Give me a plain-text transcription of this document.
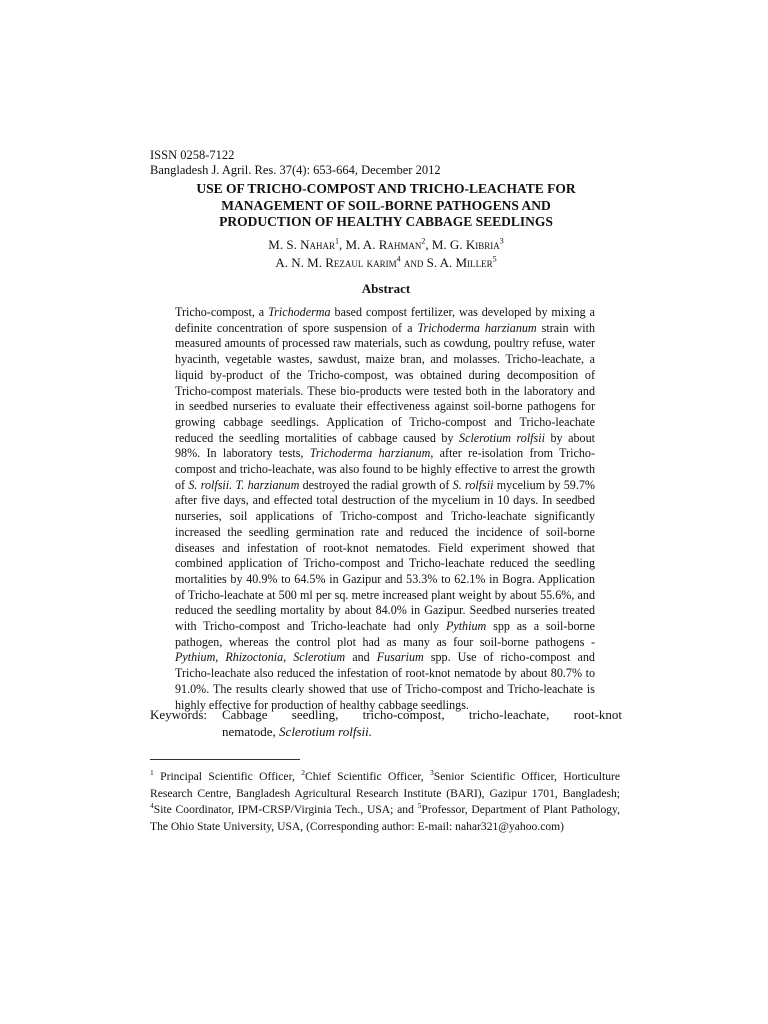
ISSN 0258-7122

Bangladesh J. Agril. Res. 37(4): 653-664, December 2012

USE OF TRICHO-COMPOST AND TRICHO-LEACHATE FOR
MANAGEMENT OF SOIL-BORNE PATHOGENS AND
PRODUCTION OF HEALTHY CABBAGE SEEDLINGS
M. S. Nahar$^1$, M. A. Rahman$^2$, M. G. Kibria$^3$
A. N. M. Rezaul karim$^4$ and S. A. Miller$^5$
Abstract

Tricho-compost, a Trichoderma based compost fertilizer, was developed by mixing a definite concentration of spore suspension of a Trichoderma harzianum strain with measured amounts of processed raw materials, such as cowdung, poultry refuse, water hyacinth, vegetable wastes, sawdust, maize bran, and molasses. Tricho-leachate, a liquid by-product of the Tricho-compost, was obtained during decomposition of Tricho-compost materials. These bio-products were tested both in the laboratory and in seedbed nurseries to evaluate their effectiveness against soil-borne pathogens for growing cabbage seedlings. Application of Tricho-compost and Tricho-leachate reduced the seedling mortalities of cabbage caused by Sclerotium rolfsii by about 98%. In laboratory tests, Trichoderma harzianum, after re-isolation from Tricho-compost and tricho-leachate, was also found to be highly effective to arrest the growth of S. rolfsii. T. harzianum destroyed the radial growth of S. rolfsii mycelium by 59.7% after five days, and effected total destruction of the mycelium in 10 days. In seedbed nurseries, soil applications of Tricho-compost and Tricho-leachate significantly increased the seedling germination rate and reduced the incidence of soil-borne diseases and infestation of root-knot nematodes. Field experiment showed that combined application of Tricho-compost and Tricho-leachate reduced the seedling mortalities by 40.9% to 64.5% in Gazipur and 53.3% to 62.1% in Bogra. Application of Tricho-leachate at 500 ml per sq. metre increased plant weight by about 55.6%, and reduced the seedling mortality by about 84.0% in Gazipur. Seedbed nurseries treated with Tricho-compost and Tricho-leachate had only Pythium spp as a soil-borne pathogen, whereas the control plot had as many as four soil-borne pathogens -Pythium, Rhizoctonia, Sclerotium and Fusarium spp. Use of richo-compost and Tricho-leachate also reduced the infestation of root-knot nematode by about 80.7% to 91.0%. The results clearly showed that use of Tricho-compost and Tricho-leachate is highly effective for production of healthy cabbage seedlings.

Keywords:	Cabbage seedling, tricho-compost, tricho-leachate, root-knot
nematode, Sclerotium rolfsii.

$^1$ Principal Scientific Officer, $^2$Chief Scientific Officer, $^3$Senior Scientific Officer, Horticulture Research Centre, Bangladesh Agricultural Research Institute (BARI), Gazipur 1701, Bangladesh; $^4$Site Coordinator, IPM-CRSP/Virginia Tech., USA; and $^5$Professor, Department of Plant Pathology, The Ohio State University, USA, (Corresponding author: E-mail: nahar321@yahoo.com)
